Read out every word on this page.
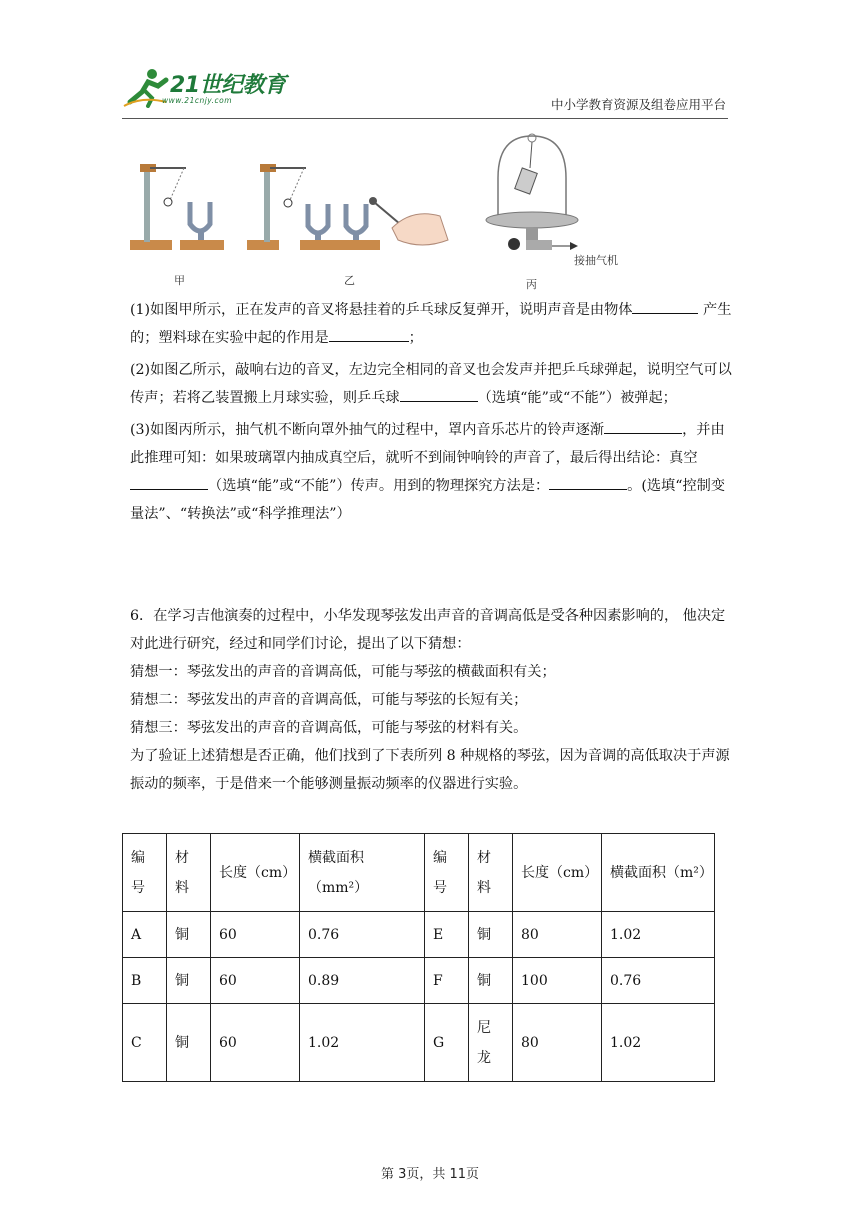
21世纪教育
www.21cnjy.com	中小学教育资源及组卷应用平台
甲	乙	丙
接抽气机

(1)如图甲所示，正在发声的音叉将悬挂着的乒乓球反复弹开，说明声音是由物体	产生的；塑料球在实验中起的作用是	；

(2)如图乙所示，敲响右边的音叉，左边完全相同的音叉也会发声并把乒乓球弹起，说明空气可以传声；若将乙装置搬上月球实验，则乒乓球	（选填“能”或“不能”）被弹起；

(3)如图丙所示，抽气机不断向罩外抽气的过程中，罩内音乐芯片的铃声逐渐	，并由此推理可知：如果玻璃罩内抽成真空后，就听不到闹钟响铃的声音了，最后得出结论：真空（选填“能”或“不能”）传声。用到的物理探究方法是：	。(选填“控制变量法”、“转换法”或“科学推理法”）

6．在学习吉他演奏的过程中，小华发现琴弦发出声音的音调高低是受各种因素影响的， 他决定对此进行研究，经过和同学们讨论，提出了以下猜想：

猜想一：琴弦发出的声音的音调高低，可能与琴弦的横截面积有关；

猜想二：琴弦发出的声音的音调高低，可能与琴弦的长短有关；

猜想三：琴弦发出的声音的音调高低，可能与琴弦的材料有关。

为了验证上述猜想是否正确，他们找到了下表所列 8 种规格的琴弦，因为音调的高低取决于声源振动的频率，于是借来一个能够测量振动频率的仪器进行实验。

编号	材料	长度（cm）	横截面积（mm²）	编号	材料	长度（cm）	横截面积（m²）
A	铜	60	0.76	E	铜	80	1.02
B	铜	60	0.89	F	铜	100	0.76
C	铜	60	1.02	G	尼龙	80	1.02
第 3页，共 11页
